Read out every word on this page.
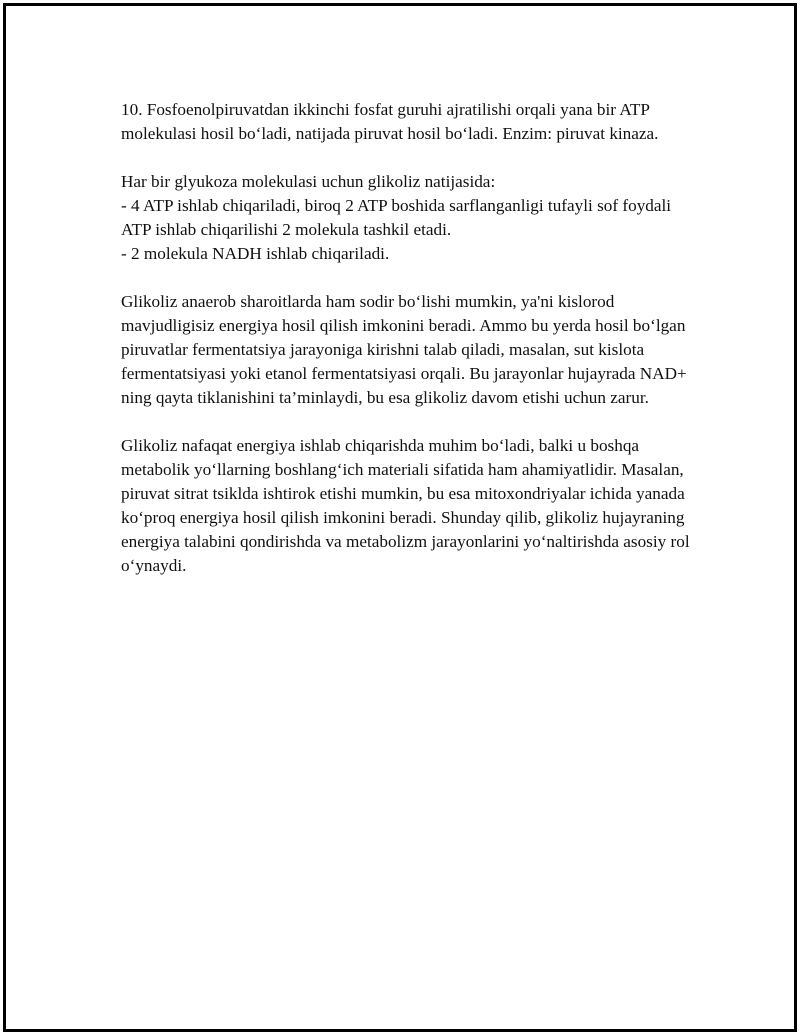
10. Fosfoenolpiruvatdan ikkinchi fosfat guruhi ajratilishi orqali yana bir ATP molekulasi hosil bo‘ladi, natijada piruvat hosil bo‘ladi. Enzim: piruvat kinaza.

Har bir glyukoza molekulasi uchun glikoliz natijasida:
- 4 ATP ishlab chiqariladi, biroq 2 ATP boshida sarflanganligi tufayli sof foydali ATP ishlab chiqarilishi 2 molekula tashkil etadi.
- 2 molekula NADH ishlab chiqariladi.

Glikoliz anaerob sharoitlarda ham sodir bo‘lishi mumkin, ya'ni kislorod mavjudligisiz energiya hosil qilish imkonini beradi. Ammo bu yerda hosil bo‘lgan piruvatlar fermentatsiya jarayoniga kirishni talab qiladi, masalan, sut kislota fermentatsiyasi yoki etanol fermentatsiyasi orqali. Bu jarayonlar hujayrada NAD+ ning qayta tiklanishini ta’minlaydi, bu esa glikoliz davom etishi uchun zarur.

Glikoliz nafaqat energiya ishlab chiqarishda muhim bo‘ladi, balki u boshqa metabolik yo‘llarning boshlang‘ich materiali sifatida ham ahamiyatlidir. Masalan, piruvat sitrat tsiklda ishtirok etishi mumkin, bu esa mitoxondriyalar ichida yanada ko‘proq energiya hosil qilish imkonini beradi. Shunday qilib, glikoliz hujayraning energiya talabini qondirishda va metabolizm jarayonlarini yo‘naltirishda asosiy rol o‘ynaydi.
